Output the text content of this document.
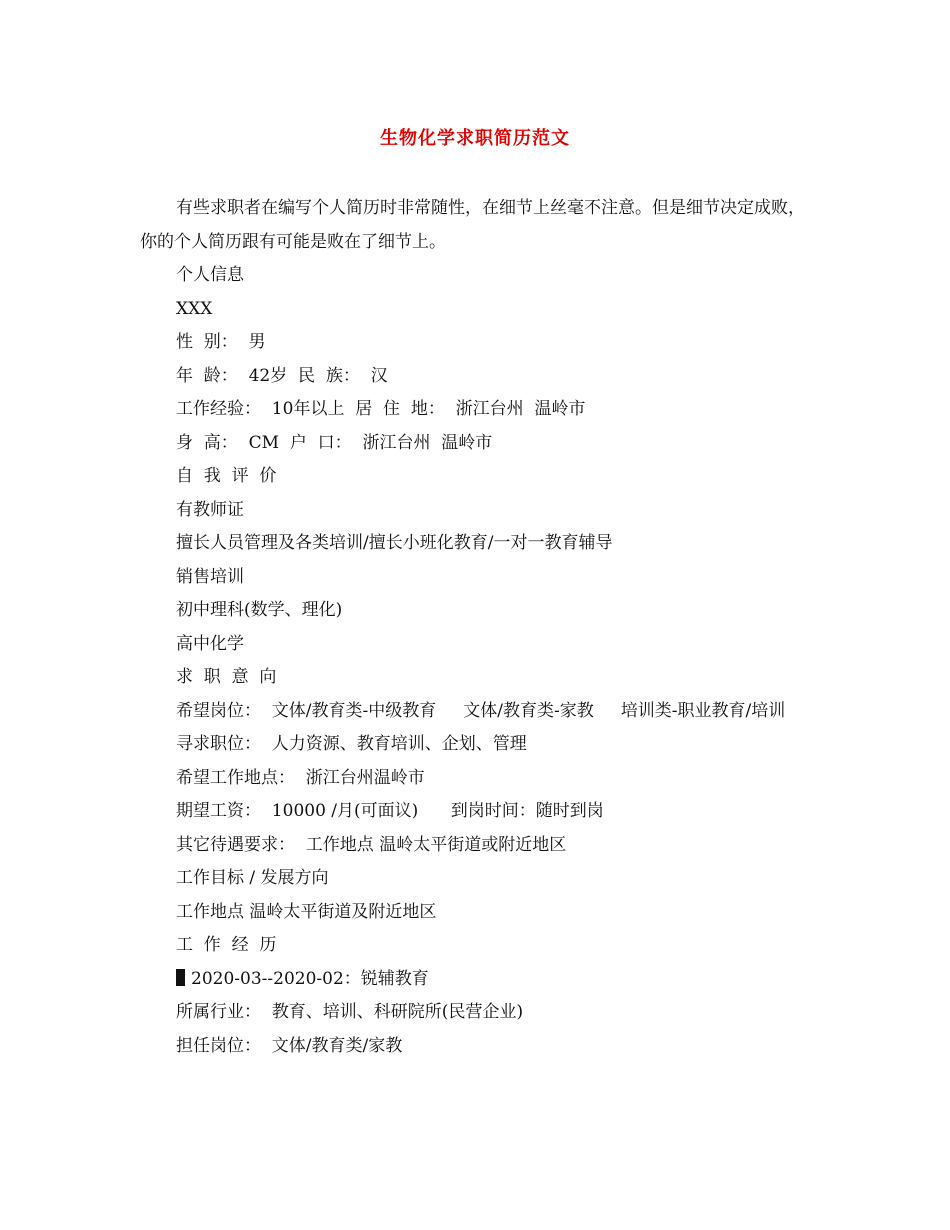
生物化学求职简历范文

有些求职者在编写个人简历时非常随性，在细节上丝毫不注意。但是细节决定成败，你的个人简历跟有可能是败在了细节上。

个人信息

XXX

性  别：  男

年  龄：  42岁  民  族：  汉

工作经验：  10年以上  居  住  地：  浙江台州  温岭市

身  高：  CM  户  口：  浙江台州  温岭市

自  我  评  价

有教师证

擅长人员管理及各类培训/擅长小班化教育/一对一教育辅导

销售培训

初中理科(数学、理化)

高中化学

求  职  意  向

希望岗位：  文体/教育类-中级教育     文体/教育类-家教     培训类-职业教育/培训

寻求职位：  人力资源、教育培训、企划、管理

希望工作地点：  浙江台州温岭市

期望工资：  10000 /月(可面议)      到岗时间：随时到岗

其它待遇要求：  工作地点 温岭太平街道或附近地区

工作目标 / 发展方向

工作地点 温岭太平街道及附近地区

工  作  经  历

2020-03--2020-02：锐辅教育

所属行业：  教育、培训、科研院所(民营企业)

担任岗位：  文体/教育类/家教
